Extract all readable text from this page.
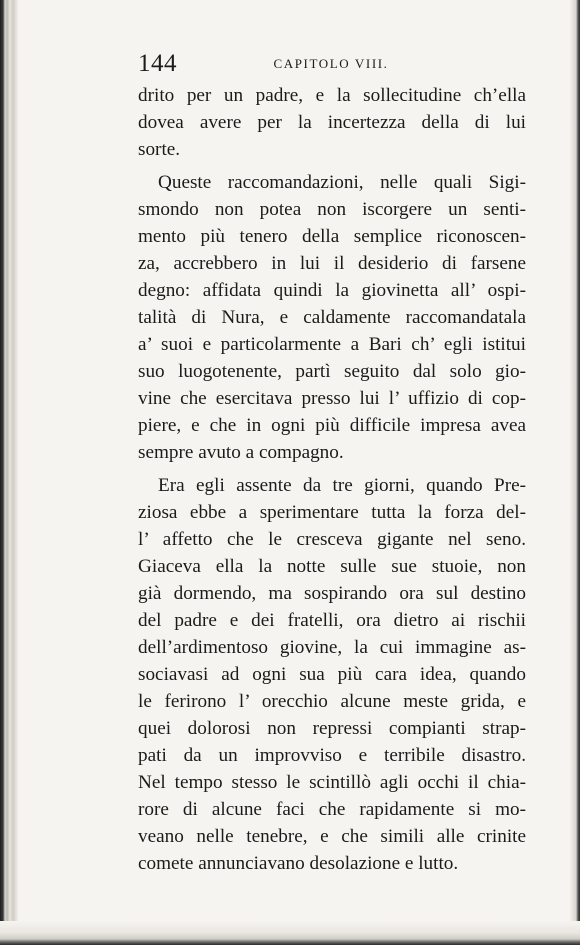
144	CAPITOLO VIII.
drito per un padre, e la sollecitudine ch’ella
dovea avere per la incertezza della di lui
sorte.
Queste raccomandazioni, nelle quali Sigi-
smondo non potea non iscorgere un senti-
mento più tenero della semplice riconoscen-
za, accrebbero in lui il desiderio di farsene
degno: affidata quindi la giovinetta all’ ospi-
talità di Nura, e caldamente raccomandatala
a’ suoi e particolarmente a Bari ch’ egli istitui
suo luogotenente, partì seguito dal solo gio-
vine che esercitava presso lui l’ uffizio di cop-
piere, e che in ogni più difficile impresa avea
sempre avuto a compagno.
Era egli assente da tre giorni, quando Pre-
ziosa ebbe a sperimentare tutta la forza del-
l’ affetto che le cresceva gigante nel seno.
Giaceva ella la notte sulle sue stuoie, non
già dormendo, ma sospirando ora sul destino
del padre e dei fratelli, ora dietro ai rischii
dell’ardimentoso giovine, la cui immagine as-
sociavasi ad ogni sua più cara idea, quando
le ferirono l’ orecchio alcune meste grida, e
quei dolorosi non repressi compianti strap-
pati da un improvviso e terribile disastro.
Nel tempo stesso le scintillò agli occhi il chia-
rore di alcune faci che rapidamente si mo-
veano nelle tenebre, e che simili alle crinite
comete annunciavano desolazione e lutto.
